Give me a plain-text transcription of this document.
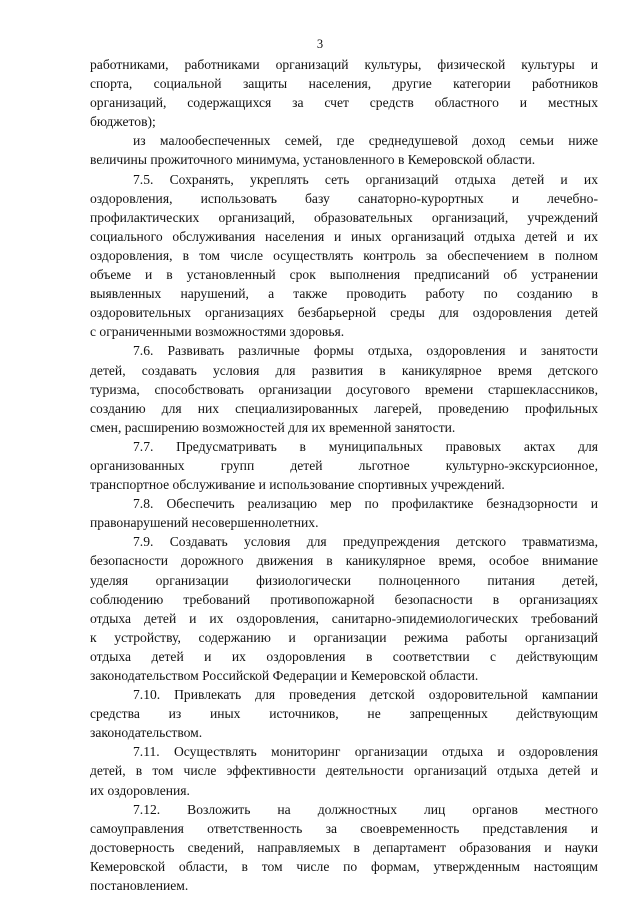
3
работниками, работниками организаций культуры, физической культуры и
спорта, социальной защиты населения, другие категории работников
организаций, содержащихся за счет средств областного и местных
бюджетов);
из малообеспеченных семей, где среднедушевой доход семьи ниже
величины прожиточного минимума, установленного в Кемеровской области.
7.5. Сохранять, укреплять сеть организаций отдыха детей и их
оздоровления, использовать базу санаторно-курортных и лечебно-
профилактических организаций, образовательных организаций, учреждений
социального обслуживания населения и иных организаций отдыха детей и их
оздоровления, в том числе осуществлять контроль за обеспечением в полном
объеме и в установленный срок выполнения предписаний об устранении
выявленных нарушений, а также проводить работу по созданию в
оздоровительных организациях безбарьерной среды для оздоровления детей
с ограниченными возможностями здоровья.
7.6. Развивать различные формы отдыха, оздоровления и занятости
детей, создавать условия для развития в каникулярное время детского
туризма, способствовать организации досугового времени старшеклассников,
созданию для них специализированных лагерей, проведению профильных
смен, расширению возможностей для их временной занятости.
7.7. Предусматривать в муниципальных правовых актах для
организованных групп детей льготное культурно-экскурсионное,
транспортное обслуживание и использование спортивных учреждений.
7.8. Обеспечить реализацию мер по профилактике безнадзорности и
правонарушений несовершеннолетних.
7.9. Создавать условия для предупреждения детского травматизма,
безопасности дорожного движения в каникулярное время, особое внимание
уделяя организации физиологически полноценного питания детей,
соблюдению требований противопожарной безопасности в организациях
отдыха детей и их оздоровления, санитарно-эпидемиологических требований
к устройству, содержанию и организации режима работы организаций
отдыха детей и их оздоровления в соответствии с действующим
законодательством Российской Федерации и Кемеровской области.
7.10. Привлекать для проведения детской оздоровительной кампании
средства из иных источников, не запрещенных действующим
законодательством.
7.11. Осуществлять мониторинг организации отдыха и оздоровления
детей, в том числе эффективности деятельности организаций отдыха детей и
их оздоровления.
7.12. Возложить на должностных лиц органов местного
самоуправления ответственность за своевременность представления и
достоверность сведений, направляемых в департамент образования и науки
Кемеровской области, в том числе по формам, утвержденным настоящим
постановлением.
